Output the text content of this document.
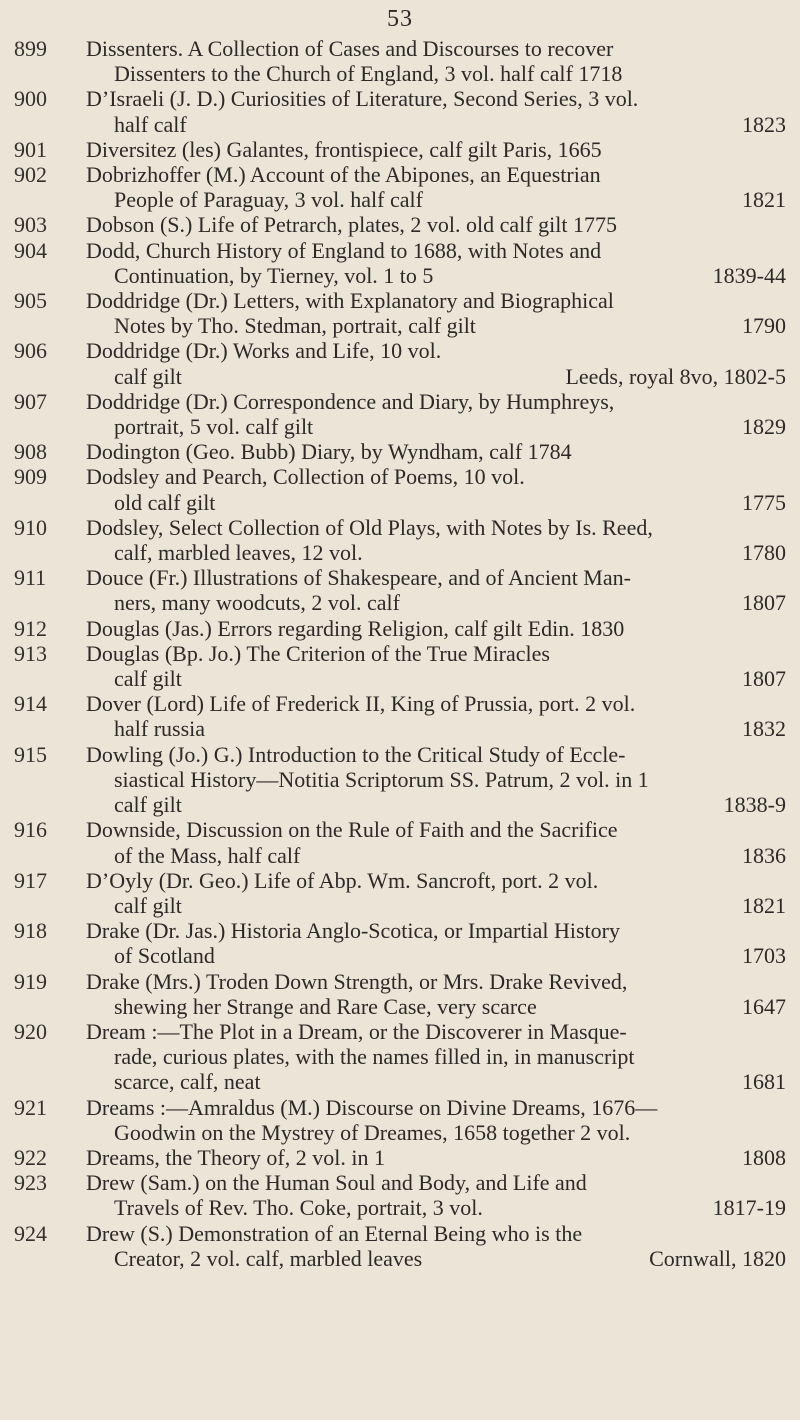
53
899	Dissenters. A Collection of Cases and Discourses to recover
Dissenters to the Church of England, 3 vol. half calf 1718
900	D’Israeli (J. D.) Curiosities of Literature, Second Series, 3 vol.
half calf	1823
901	Diversitez (les) Galantes, frontispiece, calf gilt Paris, 1665
902	Dobrizhoffer (M.) Account of the Abipones, an Equestrian
People of Paraguay, 3 vol. half calf	1821
903	Dobson (S.) Life of Petrarch, plates, 2 vol. old calf gilt 1775
904	Dodd, Church History of England to 1688, with Notes and
Continuation, by Tierney, vol. 1 to 5	1839-44
905	Doddridge (Dr.) Letters, with Explanatory and Biographical
Notes by Tho. Stedman, portrait, calf gilt	1790
906	Doddridge (Dr.) Works and Life, 10 vol.
calf gilt	Leeds, royal 8vo, 1802-5
907	Doddridge (Dr.) Correspondence and Diary, by Humphreys,
portrait, 5 vol. calf gilt	1829
908	Dodington (Geo. Bubb) Diary, by Wyndham, calf 1784
909	Dodsley and Pearch, Collection of Poems, 10 vol.
old calf gilt	1775
910	Dodsley, Select Collection of Old Plays, with Notes by Is. Reed,
calf, marbled leaves, 12 vol.	1780
911	Douce (Fr.) Illustrations of Shakespeare, and of Ancient Man-
ners, many woodcuts, 2 vol. calf	1807
912	Douglas (Jas.) Errors regarding Religion, calf gilt Edin. 1830
913	Douglas (Bp. Jo.) The Criterion of the True Miracles
calf gilt	1807
914	Dover (Lord) Life of Frederick II, King of Prussia, port. 2 vol.
half russia	1832
915	Dowling (Jo.) G.) Introduction to the Critical Study of Eccle-
siastical History—Notitia Scriptorum SS. Patrum, 2 vol. in 1
calf gilt	1838-9
916	Downside, Discussion on the Rule of Faith and the Sacrifice
of the Mass, half calf	1836
917	D’Oyly (Dr. Geo.) Life of Abp. Wm. Sancroft, port. 2 vol.
calf gilt	1821
918	Drake (Dr. Jas.) Historia Anglo-Scotica, or Impartial History
of Scotland	1703
919	Drake (Mrs.) Troden Down Strength, or Mrs. Drake Revived,
shewing her Strange and Rare Case, very scarce	1647
920	Dream :—The Plot in a Dream, or the Discoverer in Masque-
rade, curious plates, with the names filled in, in manuscript
scarce, calf, neat	1681
921	Dreams :—Amraldus (M.) Discourse on Divine Dreams, 1676—
Goodwin on the Mystrey of Dreames, 1658 together 2 vol.
922	Dreams, the Theory of, 2 vol. in 1	1808
923	Drew (Sam.) on the Human Soul and Body, and Life and
Travels of Rev. Tho. Coke, portrait, 3 vol.	1817-19
924	Drew (S.) Demonstration of an Eternal Being who is the
Creator, 2 vol. calf, marbled leaves	Cornwall, 1820
